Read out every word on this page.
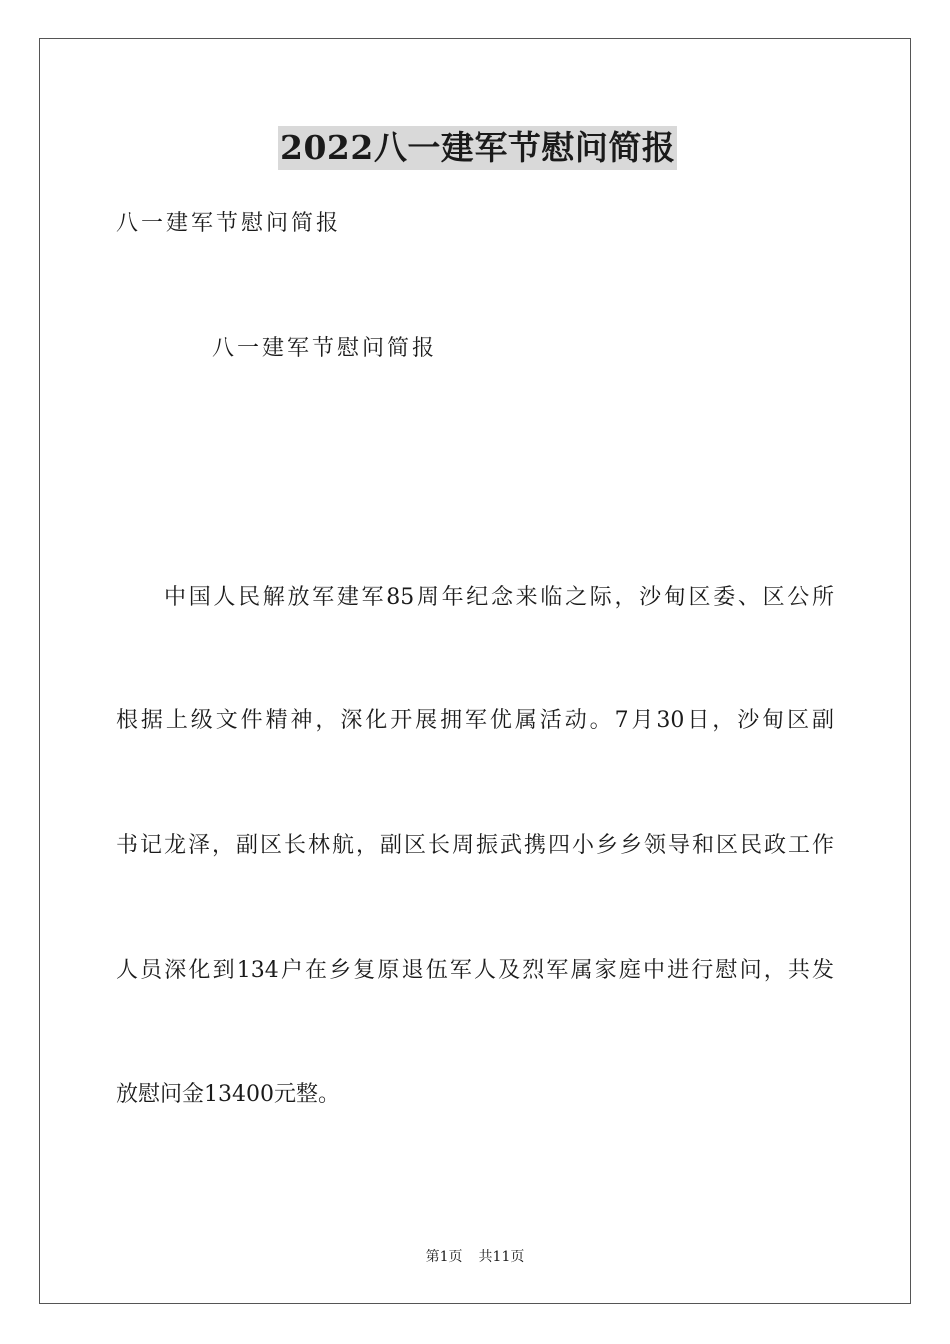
2022八一建军节慰问简报
八一建军节慰问简报
八一建军节慰问简报
中国人民解放军建军85周年纪念来临之际，沙甸区委、区公所
根据上级文件精神，深化开展拥军优属活动。7月30日，沙甸区副
书记龙泽，副区长林航，副区长周振武携四小乡乡领导和区民政工作
人员深化到134户在乡复原退伍军人及烈军属家庭中进行慰问，共发
放慰问金13400元整。
第1页 共11页
